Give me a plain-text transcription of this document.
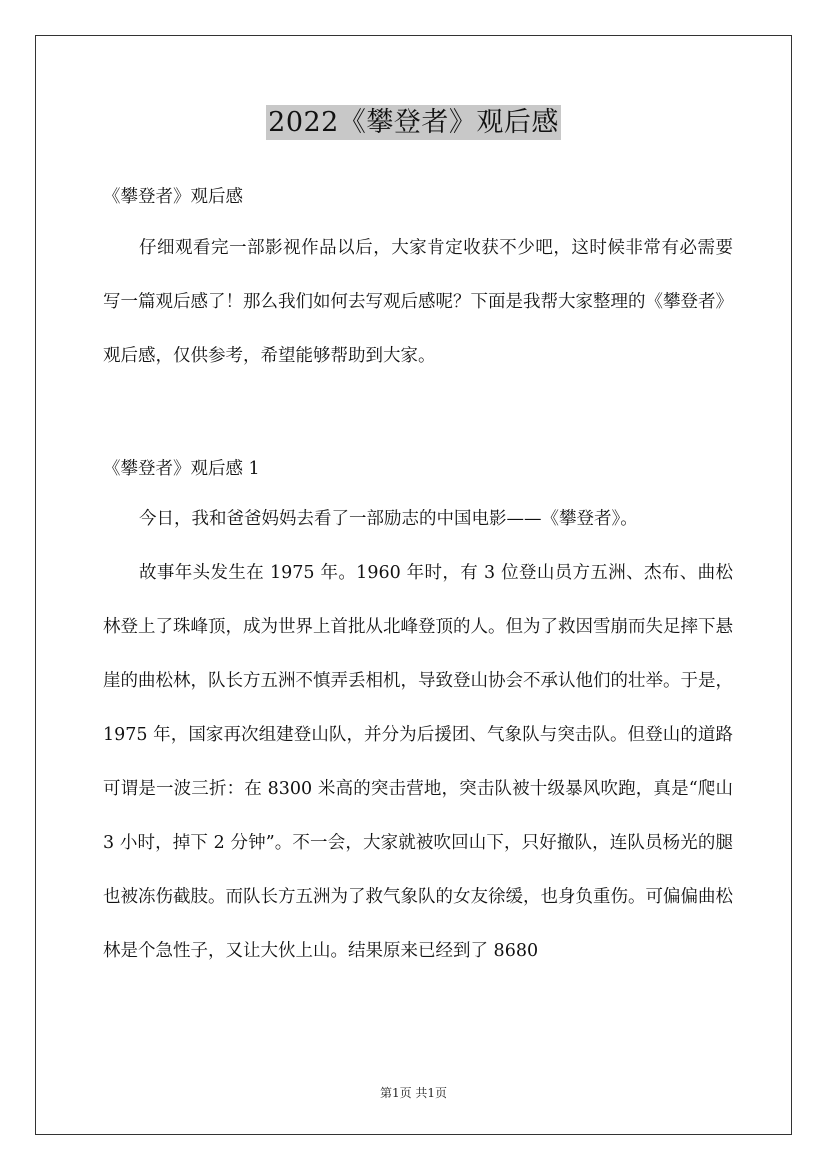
2022《攀登者》观后感
《攀登者》观后感
仔细观看完一部影视作品以后，大家肯定收获不少吧，这时候非常有必需要写一篇观后感了！那么我们如何去写观后感呢？下面是我帮大家整理的《攀登者》观后感，仅供参考，希望能够帮助到大家。
《攀登者》观后感 1
今日，我和爸爸妈妈去看了一部励志的中国电影——《攀登者》。
故事年头发生在 1975 年。1960 年时，有 3 位登山员方五洲、杰布、曲松林登上了珠峰顶，成为世界上首批从北峰登顶的人。但为了救因雪崩而失足摔下悬崖的曲松林，队长方五洲不慎弄丢相机，导致登山协会不承认他们的壮举。于是，1975 年，国家再次组建登山队，并分为后援团、气象队与突击队。但登山的道路可谓是一波三折：在 8300 米高的突击营地，突击队被十级暴风吹跑，真是“爬山 3 小时，掉下 2 分钟”。不一会，大家就被吹回山下，只好撤队，连队员杨光的腿也被冻伤截肢。而队长方五洲为了救气象队的女友徐缓，也身负重伤。可偏偏曲松林是个急性子，又让大伙上山。结果原来已经到了 8680
第1页 共1页
